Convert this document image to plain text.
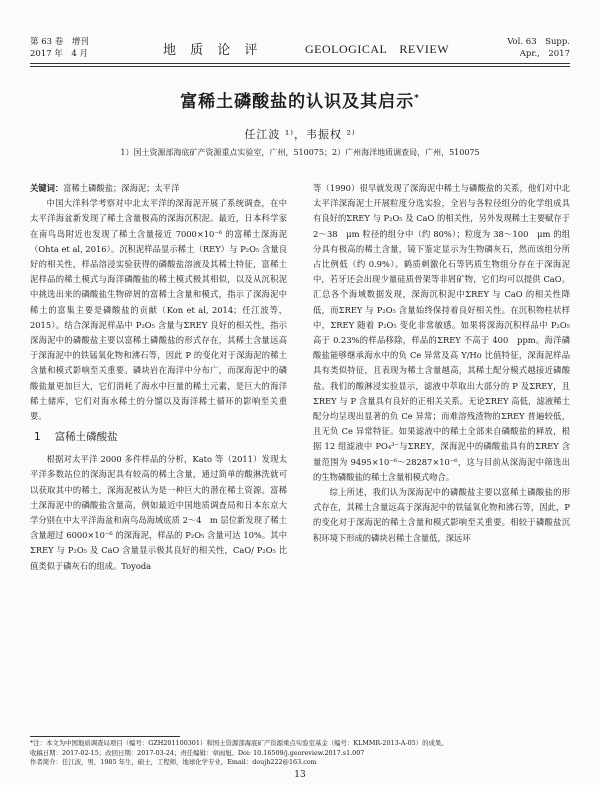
第 63 卷　增刊
2017 年　4 月	地 质 论 评	GEOLOGICAL　REVIEW	Vol. 63　Supp.
Apr.,　2017
富稀土磷酸盐的认识及其启示*
任江波 ¹⁾，韦振权 ²⁾
1）国土资源部海底矿产资源重点实验室，广州，510075；2）广州海洋地质调查局，广州，510075

关键词：富稀土磷酸盐；深海泥；太平洋

中国大洋科学考察对中北太平洋的深海泥开展了系统调查，在中太平洋海盆新发现了稀土含量极高的深海沉积泥。最近，日本科学家在南鸟岛附近也发现了稀土含量接近 7000×10⁻⁶ 的富稀土深海泥（Ohta et al, 2016）。沉积泥样品显示稀土（REY）与 P₂O₅ 含量良好的相关性，样品溶浸实验获得的磷酸盐溶液及其稀土特征，富稀土泥样品的稀土模式与海洋磷酸盐的稀土模式极其相似，以及从沉积泥中挑选出来的磷酸盐生物碎屑的富稀土含量和模式，指示了深海泥中稀土的富集主要是磷酸盐的贡献（Kon et al, 2014；任江波等，2015）。结合深海泥样品中 P₂O₅ 含量与ΣREY 良好的相关性，指示深海泥中的磷酸盐主要以富稀土磷酸盐的形式存在，其稀土含量远高于深海泥中的铁锰氧化物和沸石等，因此 P 的变化对于深海泥的稀土含量和模式影响至关重要。磷块岩在海洋中分布广，而深海泥中的磷酸盐量更加巨大，它们消耗了海水中巨量的稀土元素，是巨大的海洋稀土储库，它们对海水稀土的分馏以及海洋稀土循环的影响至关重要。

1 富稀土磷酸盐

根据对太平洋 2000 多件样品的分析，Kato 等（2011）发现太平洋多数站位的深海泥具有较高的稀土含量，通过简单的酸淋洗就可以获取其中的稀土，深海泥被认为是一种巨大的潜在稀土资源。富稀土深海泥中的磷酸盐含量高，例如最近中国地质调查局和日本东京大学分别在中太平洋海盆和南鸟岛海域底质 2～4　m 层位新发现了稀土含量超过 6000×10⁻⁶ 的深海泥，样品的 P₂O₅ 含量可达 10%。其中ΣREY 与 P₂O₅ 及 CaO 含量显示极其良好的相关性，CaO/ P₂O₅ 比值类似于磷灰石的组成。Toyoda

等（1990）很早就发现了深海泥中稀土与磷酸盐的关系，他们对中北太平洋深海泥土开展粒度分选实验，全岩与各粒径组分的化学组成具有良好的ΣREY 与 P₂O₅ 及 CaO 的相关性，另外发现稀土主要赋存于 2～38　μm 粒径的组分中（约 80%）；粒度为 38～100　μm 的组分具有极高的稀土含量，镜下鉴定显示为生物磷灰石，然而该组分所占比例低（约 0.9%）。鹤质刺激化石等钙质生物组分存在于深海泥中，若牙还会出现少量硅质骨架等非屑矿物，它们均可以提供 CaO。汇总各个海域数据发现，深海沉积泥中ΣREY 与 CaO 的相关性降低，而ΣREY 与 P₂O₅ 含量始终保持着良好相关性。在沉积物柱状样中，ΣREY 随着 P₂O₅ 变化非常敏感。如果将深海沉积样品中 P₂O₅ 高于 0.23%的样品移除，样品的ΣREY 不高于 400　ppm。海洋磷酸盐能够继承海水中的负 Ce 异常及高 Y/Ho 比值特征，深海泥样品具有类似特征，且表现为稀土含量越高，其稀土配分模式越接近磷酸盐。我们的酸淋浸实验显示，滤液中萃取出大部分的 P 及ΣREY，且ΣREY 与 P 含量具有良好的正相关关系。无论ΣREY 高低，滤液稀土配分均呈现出显著的负 Ce 异常；而难溶残渣物的ΣREY 普遍较低，且无负 Ce 异常特征。如果滤液中的稀土全部来自磷酸盐的释放，根据 12 组滤液中 PO₄³⁻与ΣREY，深海泥中的磷酸盐具有的ΣREY 含量范围为 9495×10⁻⁶～28287×10⁻⁶，这与目前从深海泥中筛选出的生物磷酸盐的稀土含量相模式吻合。

综上所述，我们认为深海泥中的磷酸盐主要以富稀土磷酸盐的形式存在，其稀土含量远高于深海泥中的铁锰氧化物和沸石等，因此，P 的变化对于深海泥的稀土含量和模式影响至关重要。相较于磷酸盐沉积环境下形成的磷块岩稀土含量低，深远环

*注：本文为中国地质调查局项目（编号：GZH201100301）和国土资源部海底矿产资源重点实验室基金（编号：KLMMR-2013-A-05）的成果。
收稿日期：2017-02-15；改回日期：2017-03-24；责任编辑：章雨旭。Doi: 10.16509/j.georeview.2017.s1.007
作者简介：任江波，男，1985 年生，硕士，工程师，地球化学专业。Email：doujh222@163.com
13
